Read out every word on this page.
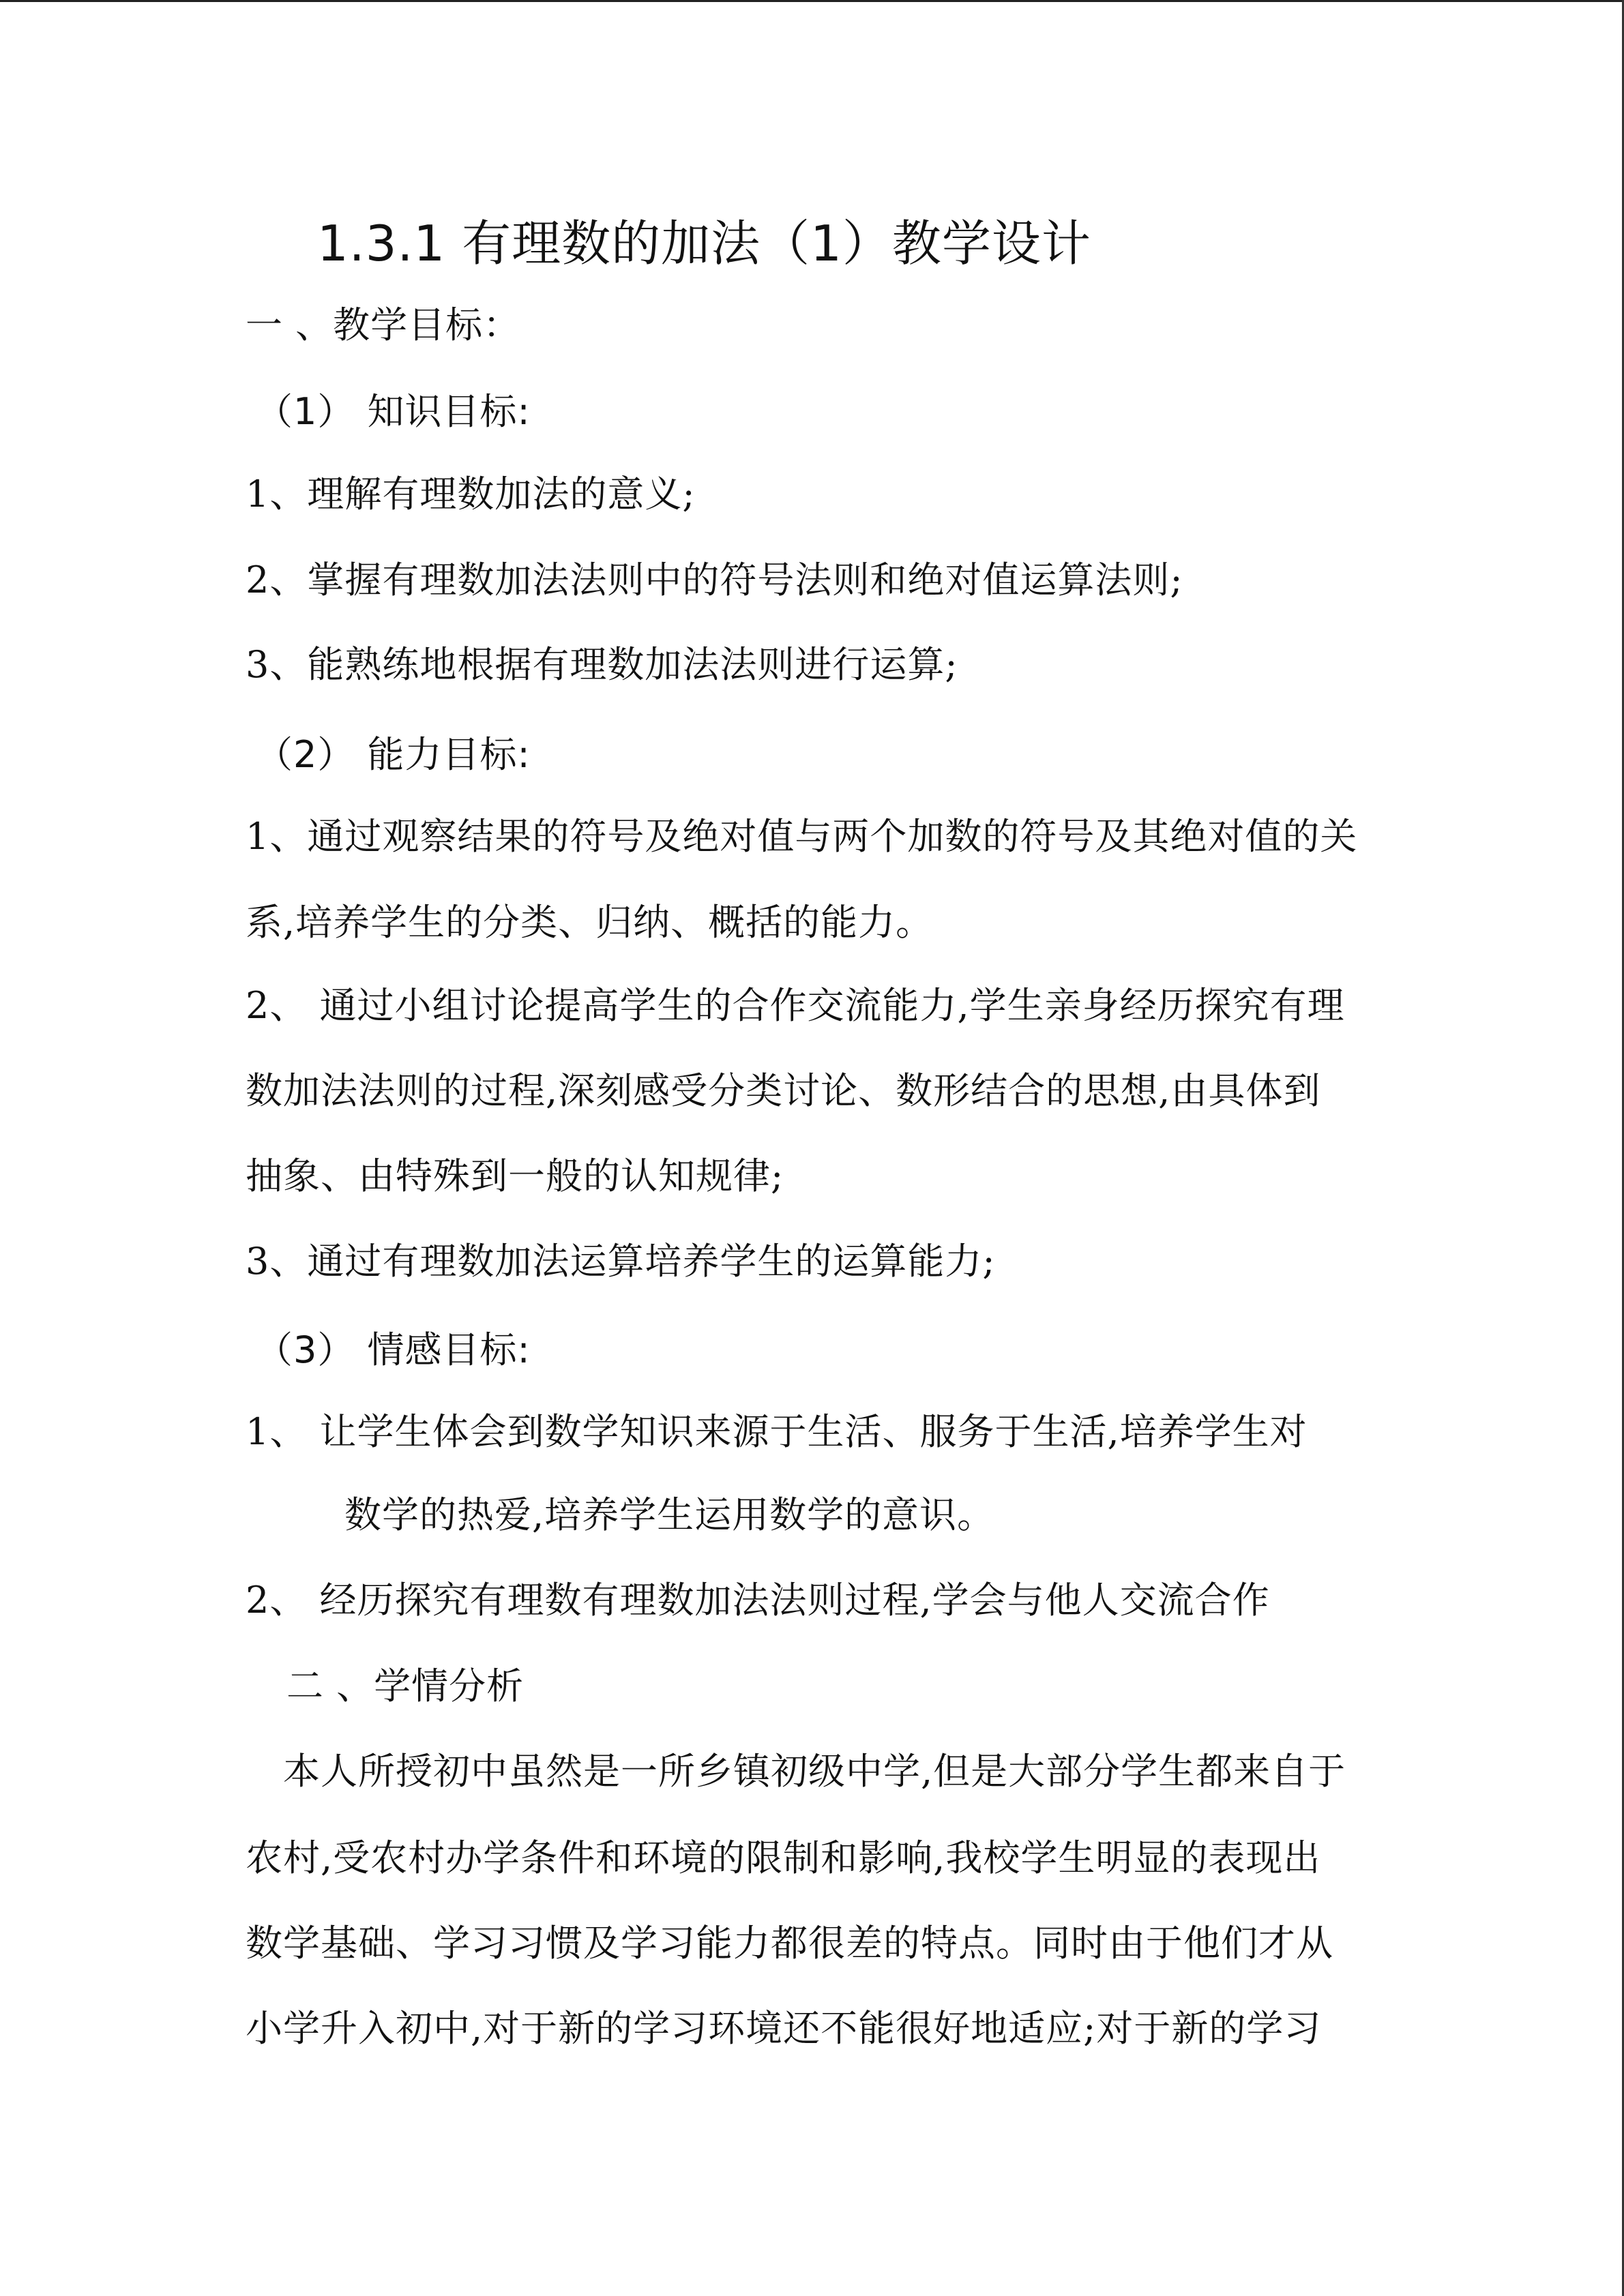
1.3.1 有理数的加法（1）教学设计
一 、教学目标：
（1） 知识目标:
1、理解有理数加法的意义;
2、掌握有理数加法法则中的符号法则和绝对值运算法则;
3、能熟练地根据有理数加法法则进行运算;
（2） 能力目标:
1、通过观察结果的符号及绝对值与两个加数的符号及其绝对值的关
系,培养学生的分类、归纳、概括的能力。
2、 通过小组讨论提高学生的合作交流能力,学生亲身经历探究有理
数加法法则的过程,深刻感受分类讨论、数形结合的思想,由具体到
抽象、由特殊到一般的认知规律;
3、通过有理数加法运算培养学生的运算能力;
（3） 情感目标:
1、 让学生体会到数学知识来源于生活、服务于生活,培养学生对
数学的热爱,培养学生运用数学的意识。
2、 经历探究有理数有理数加法法则过程,学会与他人交流合作
二 、学情分析
本人所授初中虽然是一所乡镇初级中学,但是大部分学生都来自于
农村,受农村办学条件和环境的限制和影响,我校学生明显的表现出
数学基础、学习习惯及学习能力都很差的特点。同时由于他们才从
小学升入初中,对于新的学习环境还不能很好地适应;对于新的学习
